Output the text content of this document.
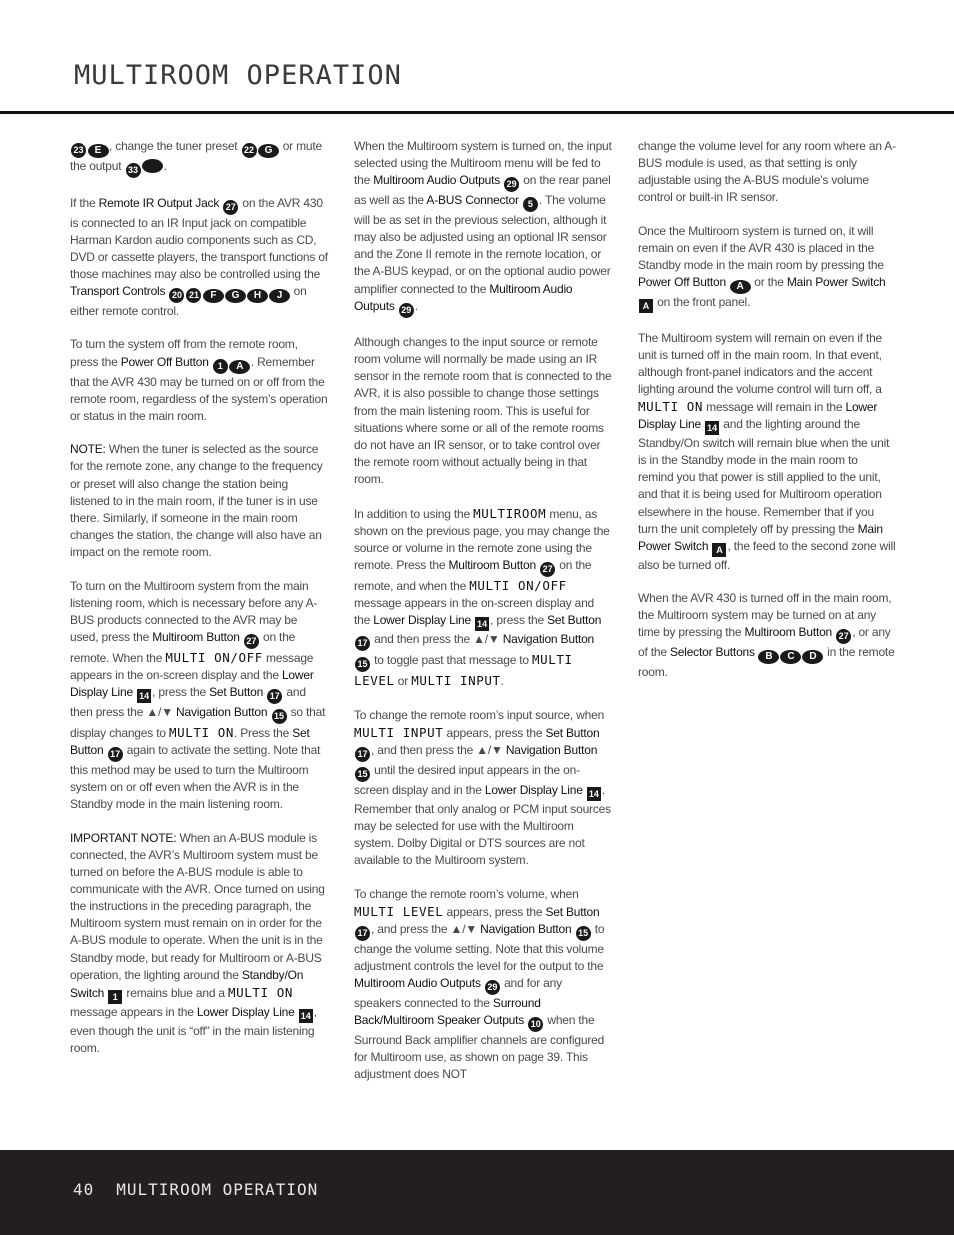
MULTIROOM OPERATION

23 E , change the tuner preset 22 G or mute the output 33 .

If the Remote IR Output Jack 27 on the AVR 430 is connected to an IR Input jack on compatible Harman Kardon audio components such as CD, DVD or cassette players, the transport functions of those machines may also be controlled using the Transport Controls 20 21 F G H J on either remote control.

To turn the system off from the remote room, press the Power Off Button 1 A . Remember that the AVR 430 may be turned on or off from the remote room, regardless of the system’s operation or status in the main room.

NOTE: When the tuner is selected as the source for the remote zone, any change to the frequency or preset will also change the station being listened to in the main room, if the tuner is in use there. Similarly, if someone in the main room changes the station, the change will also have an impact on the remote room.

To turn on the Multiroom system from the main listening room, which is necessary before any A-BUS products connected to the AVR may be used, press the Multiroom Button 27 on the remote. When the MULTI ON/OFF message appears in the on-screen display and the Lower Display Line 14 , press the Set Button 17 and then press the ▲/▼ Navigation Button 15 so that display changes to MULTI ON. Press the Set Button 17 again to activate the setting. Note that this method may be used to turn the Multiroom system on or off even when the AVR is in the Standby mode in the main listening room.

IMPORTANT NOTE: When an A-BUS module is connected, the AVR’s Multiroom system must be turned on before the A-BUS module is able to communicate with the AVR. Once turned on using the instructions in the preceding paragraph, the Multiroom system must remain on in order for the A-BUS module to operate. When the unit is in the Standby mode, but ready for Multiroom or A-BUS operation, the lighting around the Standby/On Switch 1 remains blue and a MULTI ON message appears in the Lower Display Line 14 , even though the unit is “off” in the main listening room.

When the Multiroom system is turned on, the input selected using the Multiroom menu will be fed to the Multiroom Audio Outputs 29 on the rear panel as well as the A-BUS Connector 5 . The volume will be as set in the previous selection, although it may also be adjusted using an optional IR sensor and the Zone II remote in the remote location, or the A-BUS keypad, or on the optional audio power amplifier connected to the Multiroom Audio Outputs 29 .

Although changes to the input source or remote room volume will normally be made using an IR sensor in the remote room that is connected to the AVR, it is also possible to change those settings from the main listening room. This is useful for situations where some or all of the remote rooms do not have an IR sensor, or to take control over the remote room without actually being in that room.

In addition to using the MULTIROOM menu, as shown on the previous page, you may change the source or volume in the remote zone using the remote. Press the Multiroom Button 27 on the remote, and when the MULTI ON/OFF message appears in the on-screen display and the Lower Display Line 14 , press the Set Button 17 and then press the ▲/▼ Navigation Button 15 to toggle past that message to MULTI LEVEL or MULTI INPUT.

To change the remote room’s input source, when MULTI INPUT appears, press the Set Button 17 , and then press the ▲/▼ Navigation Button 15 until the desired input appears in the on-screen display and in the Lower Display Line 14 . Remember that only analog or PCM input sources may be selected for use with the Multiroom system. Dolby Digital or DTS sources are not available to the Multiroom system.

To change the remote room’s volume, when MULTI LEVEL appears, press the Set Button 17 , and press the ▲/▼ Navigation Button 15 to change the volume setting. Note that this volume adjustment controls the level for the output to the Multiroom Audio Outputs 29 and for any speakers connected to the Surround Back/Multiroom Speaker Outputs 10 when the Surround Back amplifier channels are configured for Multiroom use, as shown on page 39. This adjustment does NOT

change the volume level for any room where an A-BUS module is used, as that setting is only adjustable using the A-BUS module’s volume control or built-in IR sensor.

Once the Multiroom system is turned on, it will remain on even if the AVR 430 is placed in the Standby mode in the main room by pressing the Power Off Button A or the Main Power Switch A on the front panel.

The Multiroom system will remain on even if the unit is turned off in the main room. In that event, although front-panel indicators and the accent lighting around the volume control will turn off, a MULTI ON message will remain in the Lower Display Line 14 and the lighting around the Standby/On switch will remain blue when the unit is in the Standby mode in the main room to remind you that power is still applied to the unit, and that it is being used for Multiroom operation elsewhere in the house. Remember that if you turn the unit completely off by pressing the Main Power Switch A , the feed to the second zone will also be turned off.

When the AVR 430 is turned off in the main room, the Multiroom system may be turned on at any time by pressing the Multiroom Button 27 , or any of the Selector Buttons B C D in the remote room.

40 MULTIROOM OPERATION
